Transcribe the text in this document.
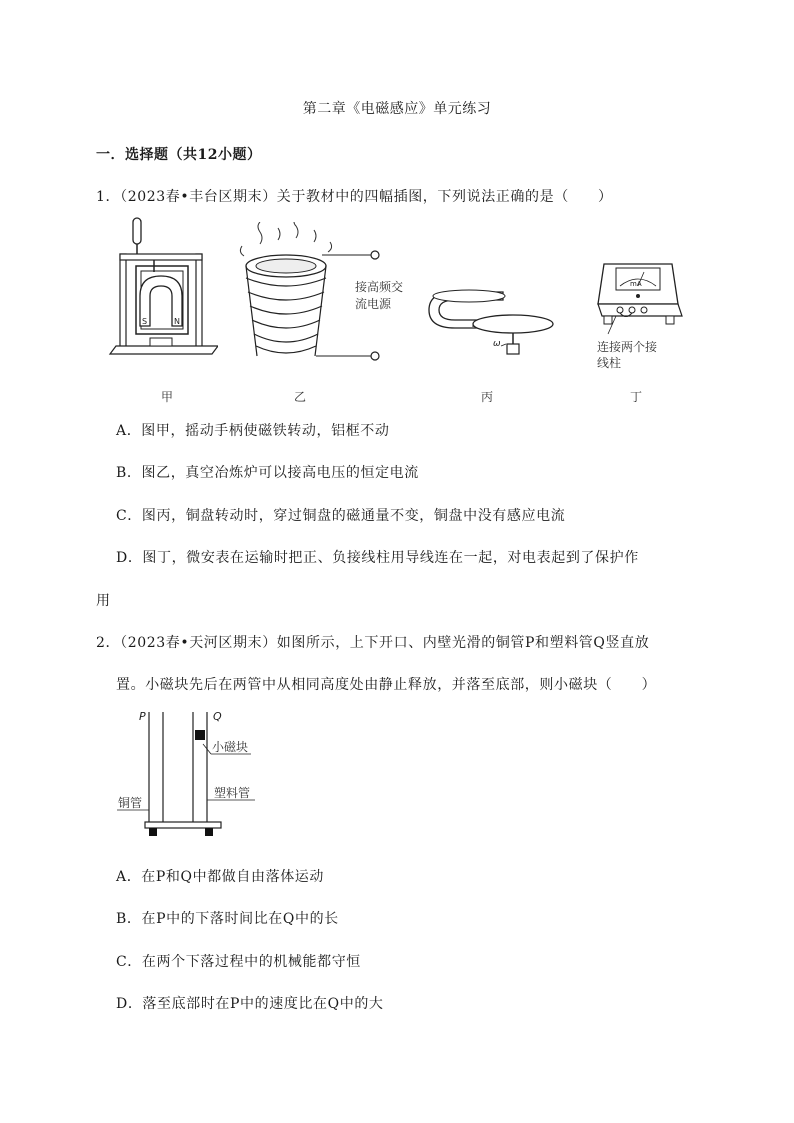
第二章《电磁感应》单元练习
一．选择题（共12小题）
1．（2023春•丰台区期末）关于教材中的四幅插图，下列说法正确的是（　　）
S	N
甲
接高频交
流电源
乙
ω
丙
mA
连接两个接
线柱
丁
A．图甲，摇动手柄使磁铁转动，铝框不动
B．图乙，真空冶炼炉可以接高电压的恒定电流
C．图丙，铜盘转动时，穿过铜盘的磁通量不变，铜盘中没有感应电流
D．图丁，微安表在运输时把正、负接线柱用导线连在一起，对电表起到了保护作
用
2．（2023春•天河区期末）如图所示，上下开口、内壁光滑的铜管P和塑料管Q竖直放
置。小磁块先后在两管中从相同高度处由静止释放，并落至底部，则小磁块（　　）
P	Q
小磁块
塑料管
铜管
A．在P和Q中都做自由落体运动
B．在P中的下落时间比在Q中的长
C．在两个下落过程中的机械能都守恒
D．落至底部时在P中的速度比在Q中的大
